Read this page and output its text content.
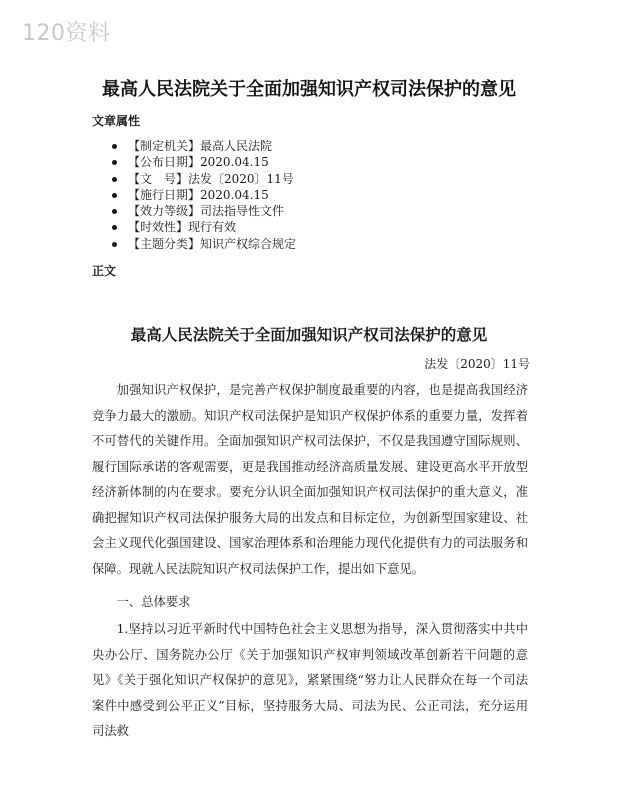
120资料
最高人民法院关于全面加强知识产权司法保护的意见
文章属性
【制定机关】最高人民法院
【公布日期】2020.04.15
【文　号】法发〔2020〕11号
【施行日期】2020.04.15
【效力等级】司法指导性文件
【时效性】现行有效
【主题分类】知识产权综合规定
正文
最高人民法院关于全面加强知识产权司法保护的意见
法发〔2020〕11号

加强知识产权保护，是完善产权保护制度最重要的内容，也是提高我国经济竞争力最大的激励。知识产权司法保护是知识产权保护体系的重要力量，发挥着不可替代的关键作用。全面加强知识产权司法保护，不仅是我国遵守国际规则、履行国际承诺的客观需要，更是我国推动经济高质量发展、建设更高水平开放型经济新体制的内在要求。要充分认识全面加强知识产权司法保护的重大意义，准确把握知识产权司法保护服务大局的出发点和目标定位，为创新型国家建设、社会主义现代化强国建设、国家治理体系和治理能力现代化提供有力的司法服务和保障。现就人民法院知识产权司法保护工作，提出如下意见。

一、总体要求

1.坚持以习近平新时代中国特色社会主义思想为指导，深入贯彻落实中共中央办公厅、国务院办公厅《关于加强知识产权审判领域改革创新若干问题的意见》《关于强化知识产权保护的意见》，紧紧围绕“努力让人民群众在每一个司法案件中感受到公平正义”目标，坚持服务大局、司法为民、公正司法，充分运用司法救
